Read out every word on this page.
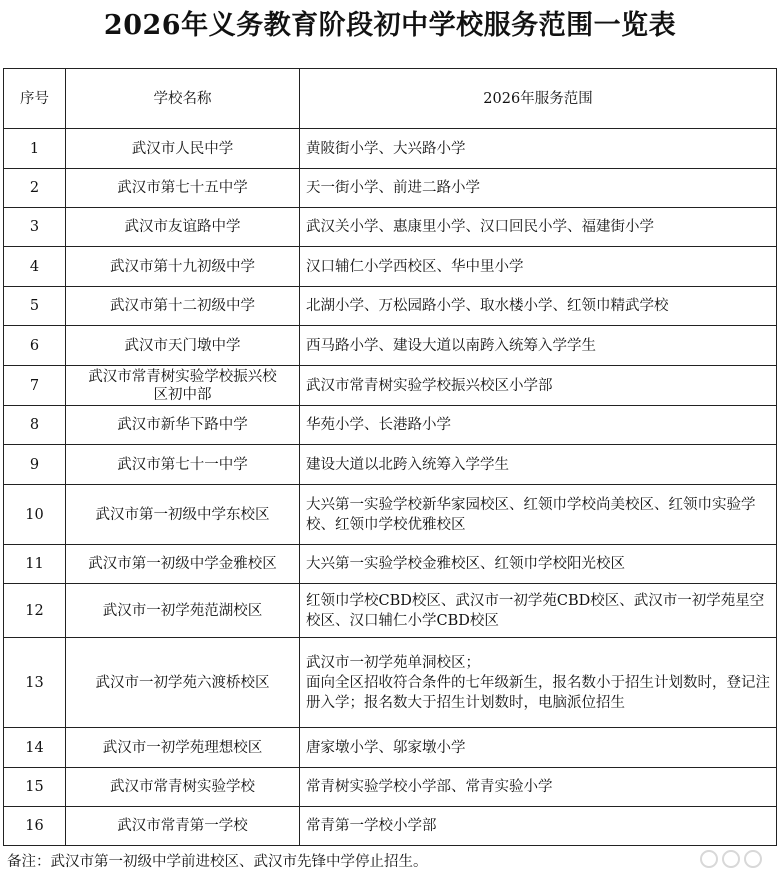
2026年义务教育阶段初中学校服务范围一览表
序号	学校名称	2026年服务范围
1	武汉市人民中学	黄陂街小学、大兴路小学
2	武汉市第七十五中学	天一街小学、前进二路小学
3	武汉市友谊路中学	武汉关小学、惠康里小学、汉口回民小学、福建街小学
4	武汉市第十九初级中学	汉口辅仁小学西校区、华中里小学
5	武汉市第十二初级中学	北湖小学、万松园路小学、取水楼小学、红领巾精武学校
6	武汉市天门墩中学	西马路小学、建设大道以南跨入统筹入学学生
7	武汉市常青树实验学校振兴校区初中部	武汉市常青树实验学校振兴校区小学部
8	武汉市新华下路中学	华苑小学、长港路小学
9	武汉市第七十一中学	建设大道以北跨入统筹入学学生
10	武汉市第一初级中学东校区	大兴第一实验学校新华家园校区、红领巾学校尚美校区、红领巾实验学校、红领巾学校优雅校区
11	武汉市第一初级中学金雅校区	大兴第一实验学校金雅校区、红领巾学校阳光校区
12	武汉市一初学苑范湖校区	红领巾学校CBD校区、武汉市一初学苑CBD校区、武汉市一初学苑星空校区、汉口辅仁小学CBD校区
13	武汉市一初学苑六渡桥校区	武汉市一初学苑单洞校区；
面向全区招收符合条件的七年级新生，报名数小于招生计划数时，登记注册入学；报名数大于招生计划数时，电脑派位招生

14	武汉市一初学苑理想校区	唐家墩小学、邬家墩小学
15	武汉市常青树实验学校	常青树实验学校小学部、常青实验小学
16	武汉市常青第一学校	常青第一学校小学部
备注：武汉市第一初级中学前进校区、武汉市先锋中学停止招生。
